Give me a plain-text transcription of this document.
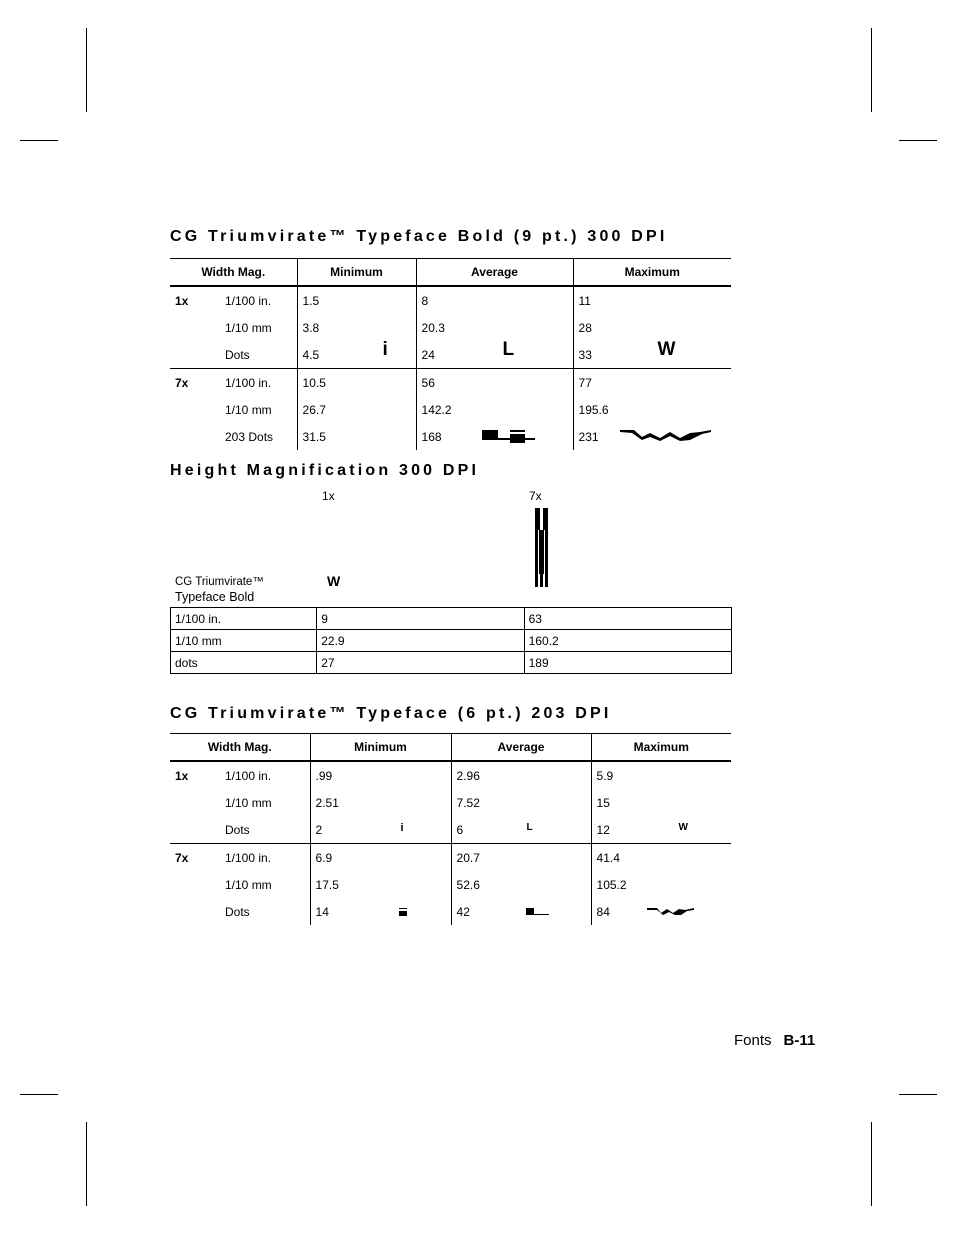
CG Triumvirate™ Typeface Bold (9 pt.) 300 DPI
Width Mag.		Minimum	Average	Maximum
1x	1/100 in.	1.5	8	11
	1/10 mm	3.8	20.3	28
	Dots	4.5 i	24 L	33 W

7x	1/100 in.	10.5	56	77
	1/10 mm	26.7	142.2	195.6
	203 Dots	31.5	168	231
Height Magnification 300 DPI
1x	7x
CG Triumvirate™
Typeface Bold
W
1/100 in.	9	63
1/10 mm	22.9	160.2
dots	27	189
CG Triumvirate™ Typeface (6 pt.) 203 DPI
Width Mag.		Minimum	Average	Maximum
1x	1/100 in.	.99	2.96	5.9
	1/10 mm	2.51	7.52	15
	Dots	2 i	6 L	12 W

7x	1/100 in.	6.9	20.7	41.4
	1/10 mm	17.5	52.6	105.2
	Dots	14	42	84
Fonts B-11
